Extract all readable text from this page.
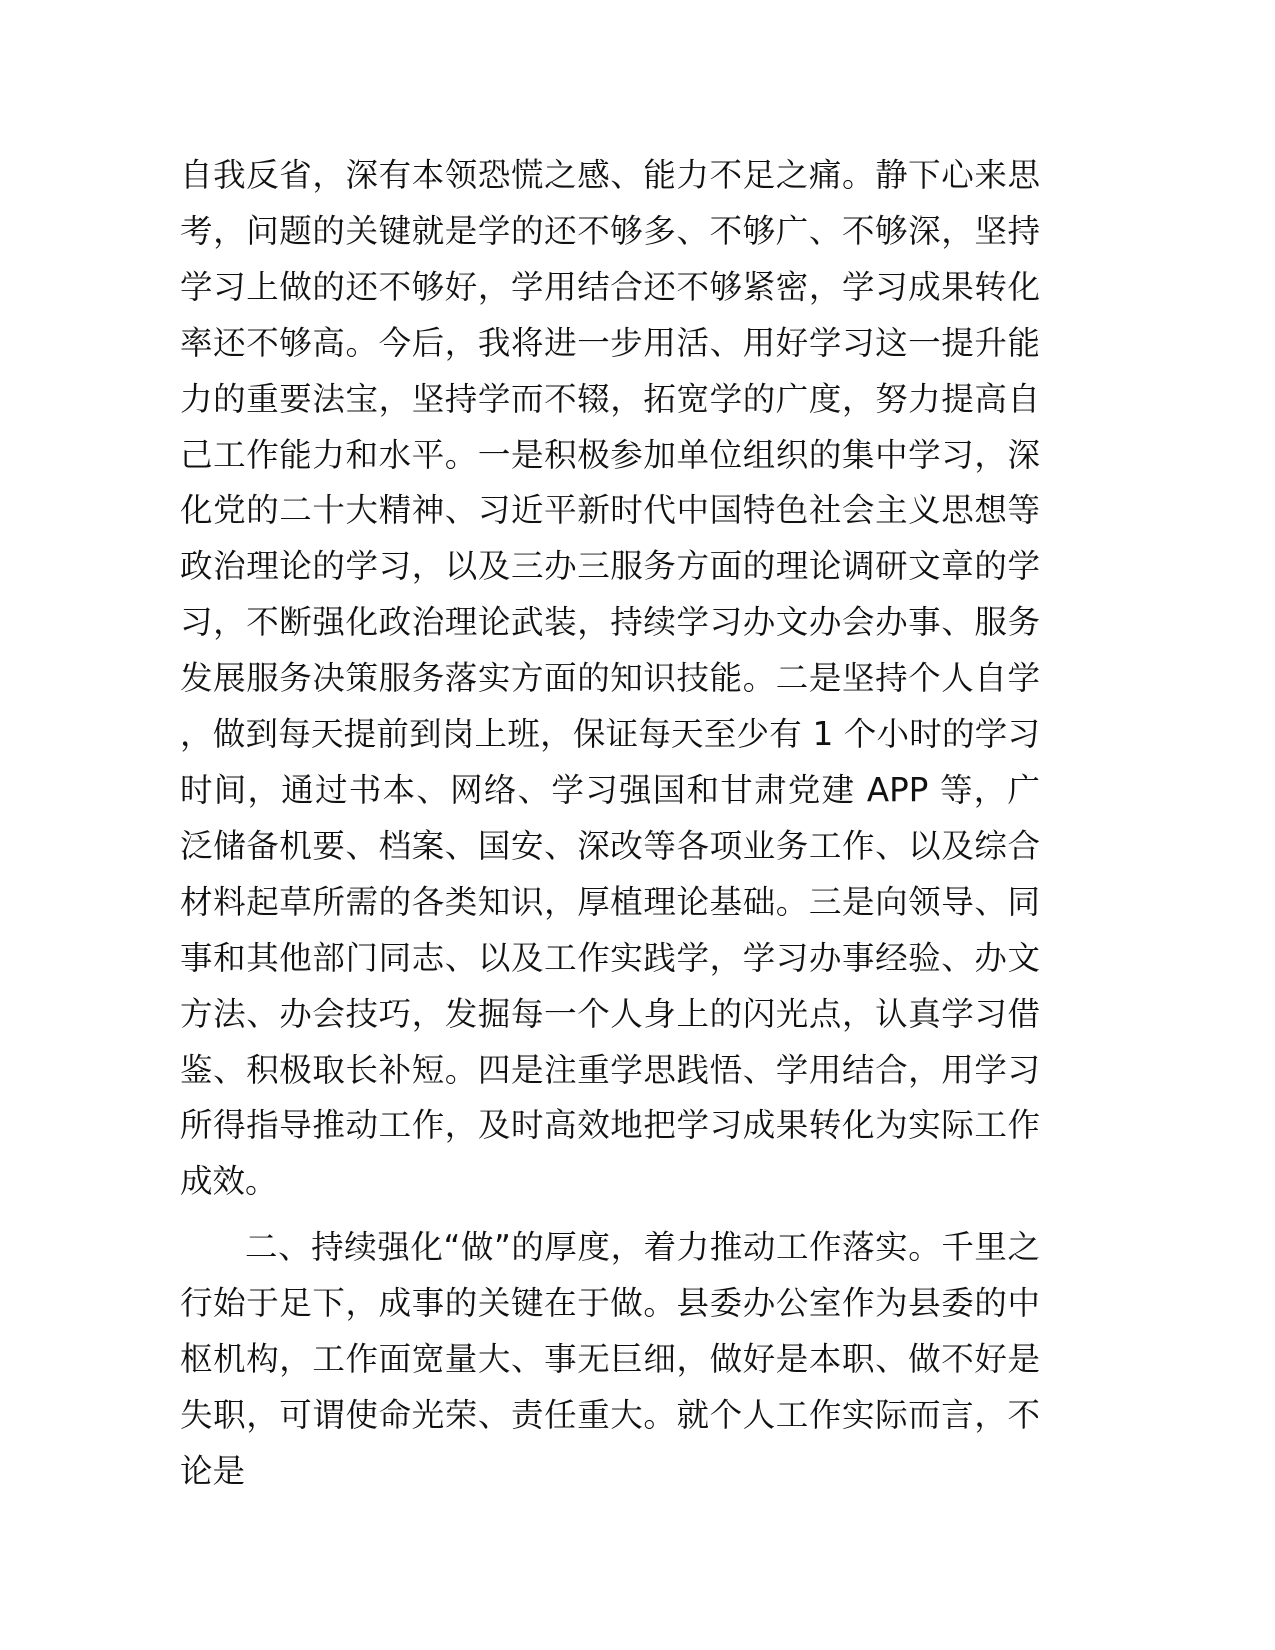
自我反省，深有本领恐慌之感、能力不足之痛。静下心来思考，问题的关键就是学的还不够多、不够广、不够深，坚持学习上做的还不够好，学用结合还不够紧密，学习成果转化率还不够高。今后，我将进一步用活、用好学习这一提升能力的重要法宝，坚持学而不辍，拓宽学的广度，努力提高自己工作能力和水平。一是积极参加单位组织的集中学习，深化党的二十大精神、习近平新时代中国特色社会主义思想等政治理论的学习，以及三办三服务方面的理论调研文章的学习，不断强化政治理论武装，持续学习办文办会办事、服务发展服务决策服务落实方面的知识技能。二是坚持个人自学，做到每天提前到岗上班，保证每天至少有 1 个小时的学习时间，通过书本、网络、学习强国和甘肃党建 APP 等，广泛储备机要、档案、国安、深改等各项业务工作、以及综合材料起草所需的各类知识，厚植理论基础。三是向领导、同事和其他部门同志、以及工作实践学，学习办事经验、办文方法、办会技巧，发掘每一个人身上的闪光点，认真学习借鉴、积极取长补短。四是注重学思践悟、学用结合，用学习所得指导推动工作，及时高效地把学习成果转化为实际工作成效。

二、持续强化“做”的厚度，着力推动工作落实。千里之行始于足下，成事的关键在于做。县委办公室作为县委的中枢机构，工作面宽量大、事无巨细，做好是本职、做不好是失职，可谓使命光荣、责任重大。就个人工作实际而言，不论是
